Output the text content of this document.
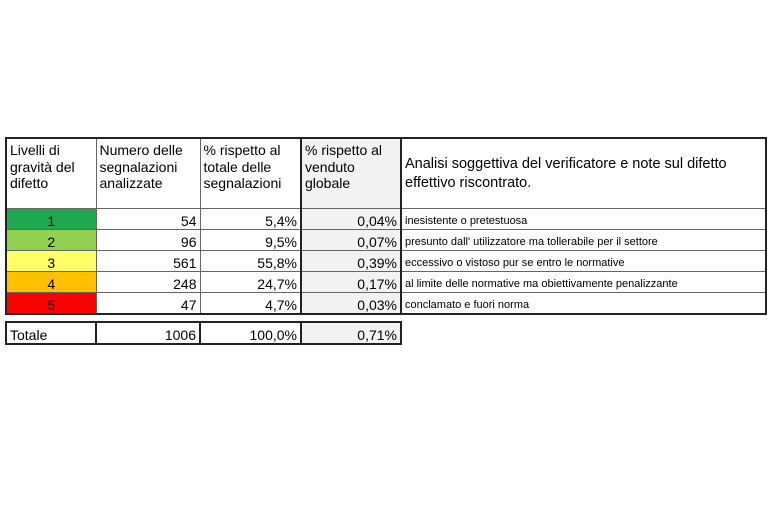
Livelli di gravità del difetto	Numero delle segnalazioni analizzate	% rispetto al totale delle segnalazioni	% rispetto al venduto globale	Analisi soggettiva del verificatore e note sul difetto effettivo riscontrato.
1	54	5,4%	0,04%	inesistente o pretestuosa
2	96	9,5%	0,07%	presunto dall' utilizzatore ma tollerabile per il settore
3	561	55,8%	0,39%	eccessivo o vistoso pur se entro le normative
4	248	24,7%	0,17%	al limite delle normative ma obiettivamente penalizzante
5	47	4,7%	0,03%	conclamato e fuori norma

Totale	1006	100,0%	0,71%	
